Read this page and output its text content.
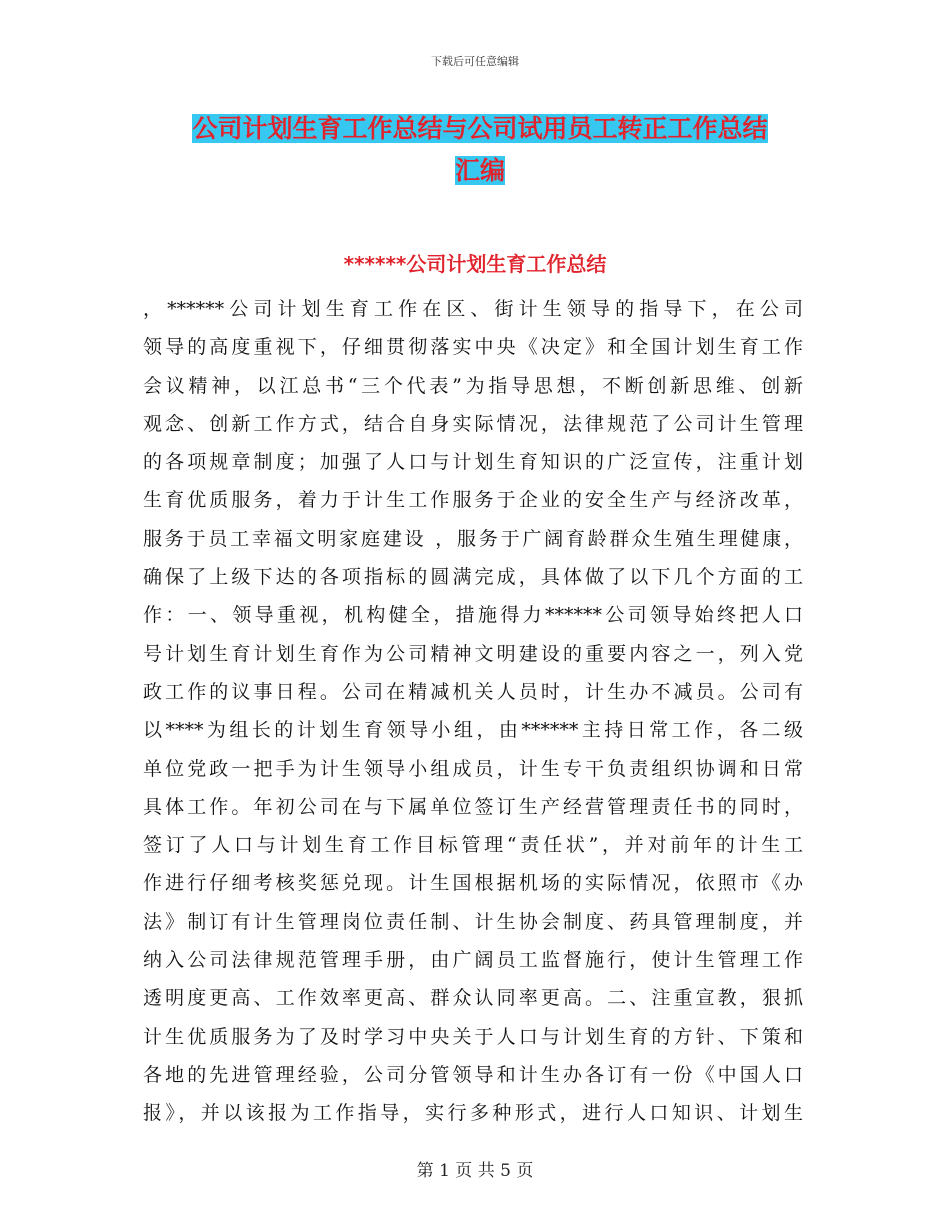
下载后可任意编辑
公司计划生育工作总结与公司试用员工转正工作总结
汇编
******公司计划生育工作总结
，******公司计划生育工作在区、街计生领导的指导下，在公司
领导的高度重视下，仔细贯彻落实中央《决定》和全国计划生育工作
会议精神，以江总书“三个代表”为指导思想，不断创新思维、创新
观念、创新工作方式，结合自身实际情况，法律规范了公司计生管理
的各项规章制度；加强了人口与计划生育知识的广泛宣传，注重计划
生育优质服务，着力于计生工作服务于企业的安全生产与经济改革，
服务于员工幸福文明家庭建设 ，服务于广阔育龄群众生殖生理健康，
确保了上级下达的各项指标的圆满完成，具体做了以下几个方面的工
作：一、领导重视，机构健全，措施得力******公司领导始终把人口
号计划生育计划生育作为公司精神文明建设的重要内容之一，列入党
政工作的议事日程。公司在精减机关人员时，计生办不减员。公司有
以****为组长的计划生育领导小组，由******主持日常工作，各二级
单位党政一把手为计生领导小组成员，计生专干负责组织协调和日常
具体工作。年初公司在与下属单位签订生产经营管理责任书的同时，
签订了人口与计划生育工作目标管理“责任状”，并对前年的计生工
作进行仔细考核奖惩兑现。计生国根据机场的实际情况，依照市《办
法》制订有计生管理岗位责任制、计生协会制度、药具管理制度，并
纳入公司法律规范管理手册，由广阔员工监督施行，使计生管理工作
透明度更高、工作效率更高、群众认同率更高。二、注重宣教，狠抓
计生优质服务为了及时学习中央关于人口与计划生育的方针、下策和
各地的先进管理经验，公司分管领导和计生办各订有一份《中国人口
报》，并以该报为工作指导，实行多种形式，进行人口知识、计划生
第 1 页 共 5 页
